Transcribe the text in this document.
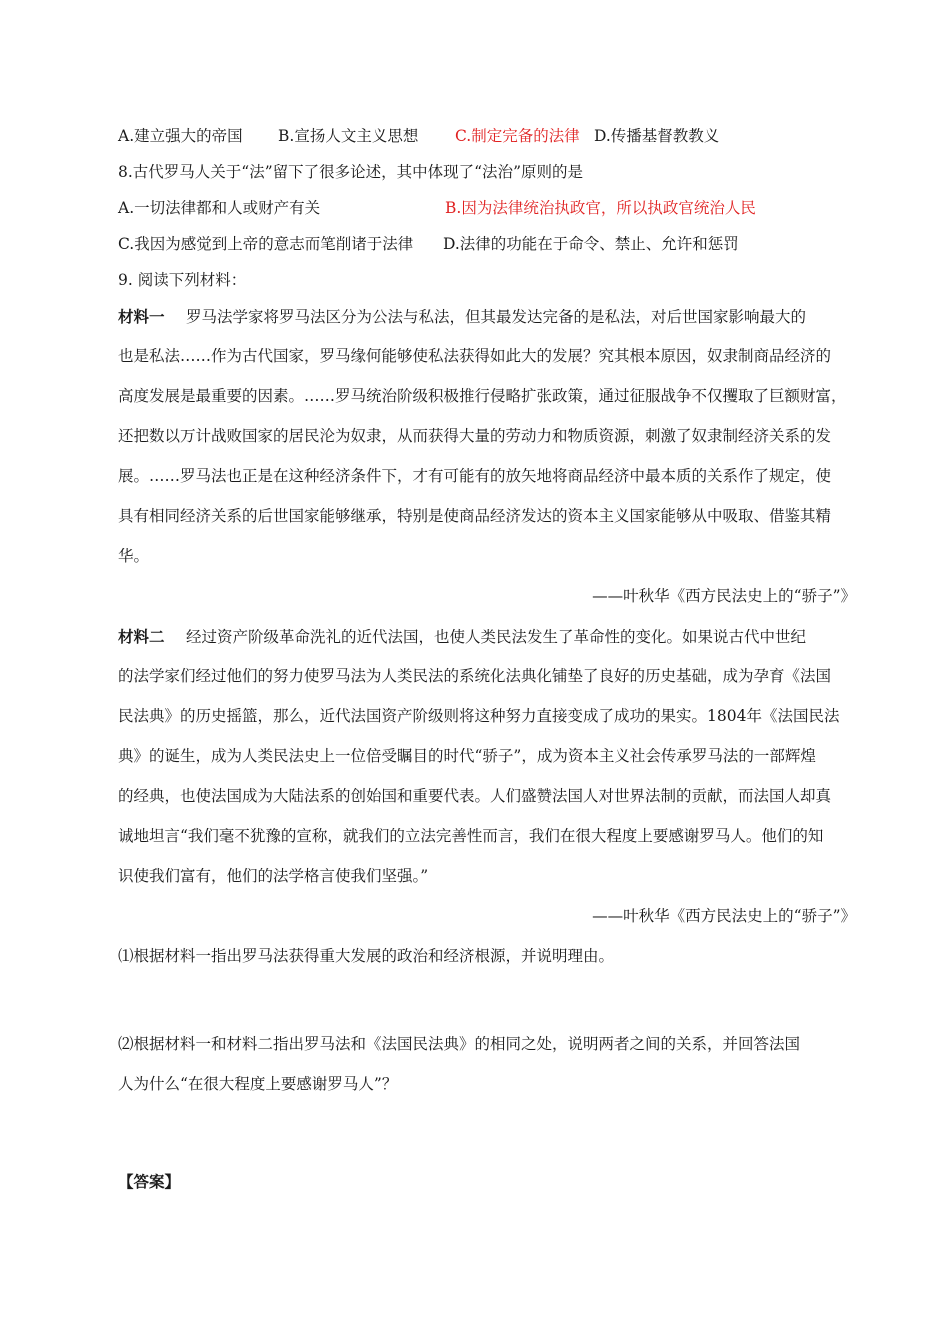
A.建立强大的帝国 B.宣扬人文主义思想 C.制定完备的法律 D.传播基督教教义
8.古代罗马人关于“法”留下了很多论述，其中体现了“法治”原则的是
A.一切法律都和人或财产有关	B.因为法律统治执政官，所以执政官统治人民
C.我因为感觉到上帝的意志而笔削诸于法律 D.法律的功能在于命令、禁止、允许和惩罚
9. 阅读下列材料：
材料一 罗马法学家将罗马法区分为公法与私法，但其最发达完备的是私法，对后世国家影响最大的
也是私法……作为古代国家，罗马缘何能够使私法获得如此大的发展？究其根本原因，奴隶制商品经济的
高度发展是最重要的因素。……罗马统治阶级积极推行侵略扩张政策，通过征服战争不仅攫取了巨额财富，
还把数以万计战败国家的居民沦为奴隶，从而获得大量的劳动力和物质资源，刺激了奴隶制经济关系的发
展。……罗马法也正是在这种经济条件下，才有可能有的放矢地将商品经济中最本质的关系作了规定，使
具有相同经济关系的后世国家能够继承，特别是使商品经济发达的资本主义国家能够从中吸取、借鉴其精
华。
——叶秋华《西方民法史上的“骄子”》
材料二 经过资产阶级革命洗礼的近代法国，也使人类民法发生了革命性的变化。如果说古代中世纪
的法学家们经过他们的努力使罗马法为人类民法的系统化法典化铺垫了良好的历史基础，成为孕育《法国
民法典》的历史摇篮，那么，近代法国资产阶级则将这种努力直接变成了成功的果实。1804年《法国民法
典》的诞生，成为人类民法史上一位倍受瞩目的时代“骄子”，成为资本主义社会传承罗马法的一部辉煌
的经典，也使法国成为大陆法系的创始国和重要代表。人们盛赞法国人对世界法制的贡献，而法国人却真
诚地坦言“我们毫不犹豫的宣称，就我们的立法完善性而言，我们在很大程度上要感谢罗马人。他们的知
识使我们富有，他们的法学格言使我们坚强。”
——叶秋华《西方民法史上的“骄子”》
⑴根据材料一指出罗马法获得重大发展的政治和经济根源，并说明理由。
⑵根据材料一和材料二指出罗马法和《法国民法典》的相同之处，说明两者之间的关系，并回答法国
人为什么“在很大程度上要感谢罗马人”？
【答案】
